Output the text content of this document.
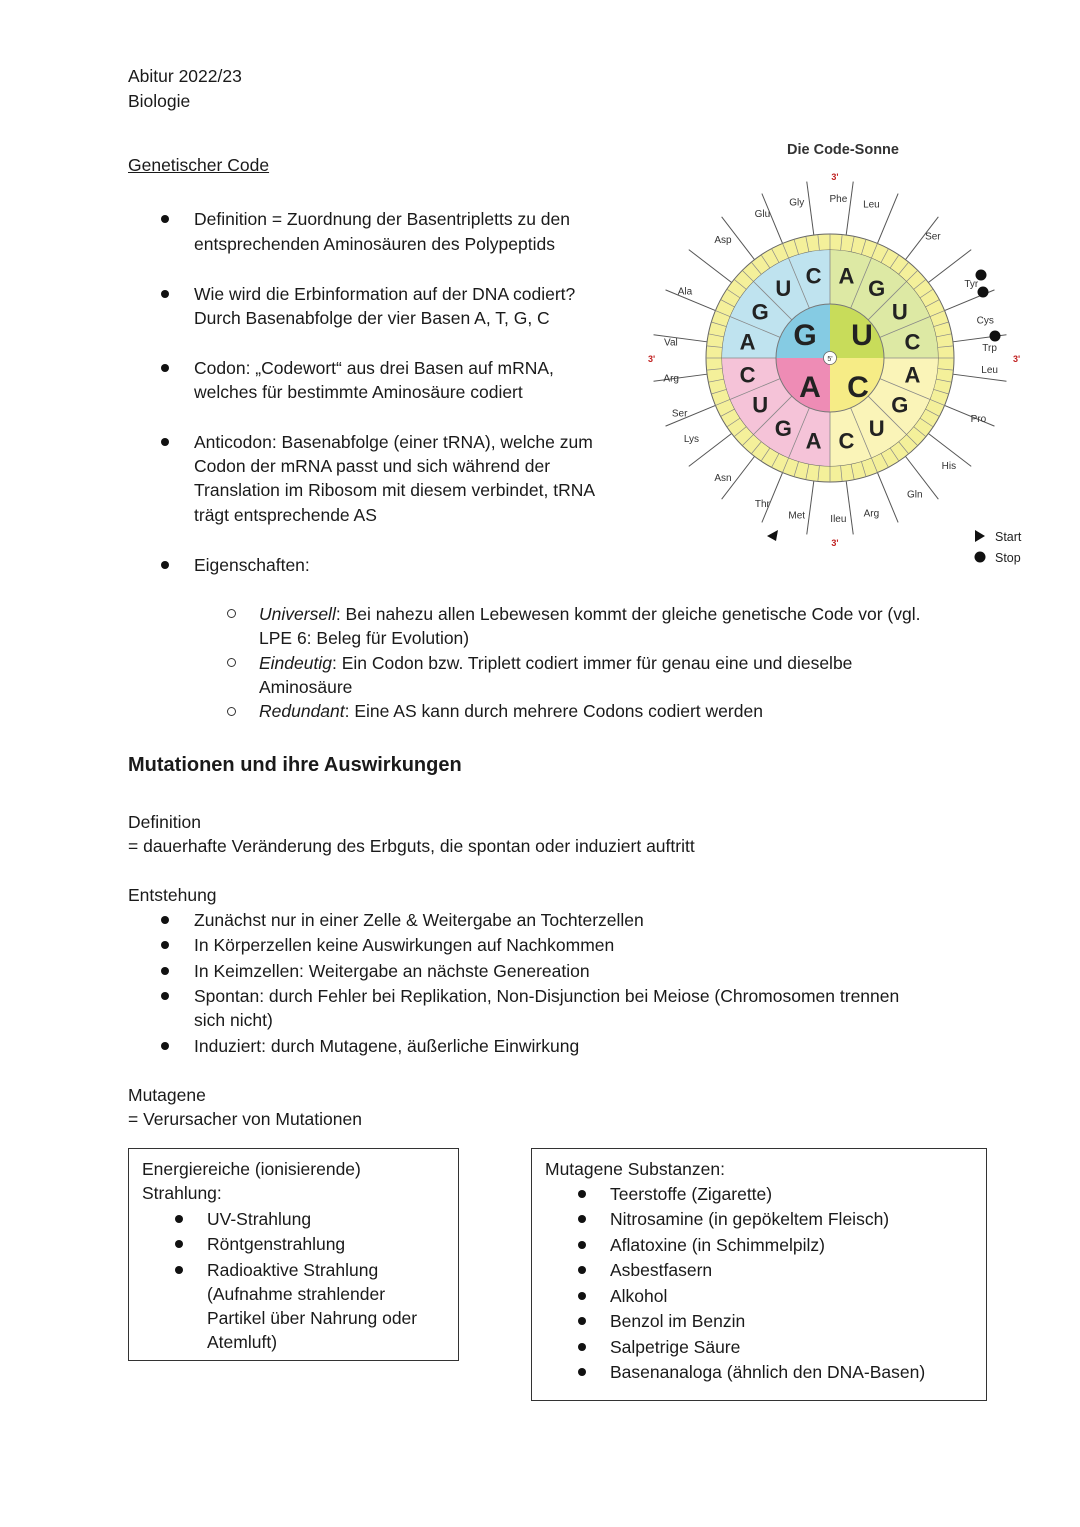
Abitur 2022/23
Biologie
Genetischer Code
Definition = Zuordnung der Basentripletts zu den
entsprechenden Aminosäuren des Polypeptids
Wie wird die Erbinformation auf der DNA codiert?
Durch Basenabfolge der vier Basen A, T, G, C
Codon: „Codewort“ aus drei Basen auf mRNA,
welches für bestimmte Aminosäure codiert
Anticodon: Basenabfolge (einer tRNA), welche zum
Codon der mRNA passt und sich während der
Translation im Ribosom mit diesem verbindet, tRNA
trägt entsprechende AS
Eigenschaften:
Universell: Bei nahezu allen Lebewesen kommt der gleiche genetische Code vor (vgl.
LPE 6: Beleg für Evolution)
Eindeutig: Ein Codon bzw. Triplett codiert immer für genau eine und dieselbe
Aminosäure
Redundant: Eine AS kann durch mehrere Codons codiert werden
Die Code-Sonne
Gly	Phe Leu
Ser
Tyr
Cys
Trp
Leu
Pro
His
Gln
Arg
Ileu
Met
Thr
Asn
Lys
Ser
Arg
Val
Ala
Asp
Glu
A
G
U
C
A
G
U
C
A
G
U
C
A
G
U
C
G U
A C
5'
3'
3'
3'	3'
Start
Stop
Mutationen und ihre Auswirkungen
Definition
= dauerhafte Veränderung des Erbguts, die spontan oder induziert auftritt
Entstehung
Zunächst nur in einer Zelle & Weitergabe an Tochterzellen
In Körperzellen keine Auswirkungen auf Nachkommen
In Keimzellen: Weitergabe an nächste Genereation
Spontan: durch Fehler bei Replikation, Non-Disjunction bei Meiose (Chromosomen trennen
sich nicht)
Induziert: durch Mutagene, äußerliche Einwirkung
Mutagene
= Verursacher von Mutationen
Energiereiche (ionisierende)
Strahlung:
UV-Strahlung
Röntgenstrahlung
Radioaktive Strahlung
(Aufnahme strahlender
Partikel über Nahrung oder
Atemluft)
Mutagene Substanzen:
Teerstoffe (Zigarette)
Nitrosamine (in gepökeltem Fleisch)
Aflatoxine (in Schimmelpilz)
Asbestfasern
Alkohol
Benzol im Benzin
Salpetrige Säure
Basenanaloga (ähnlich den DNA-Basen)
